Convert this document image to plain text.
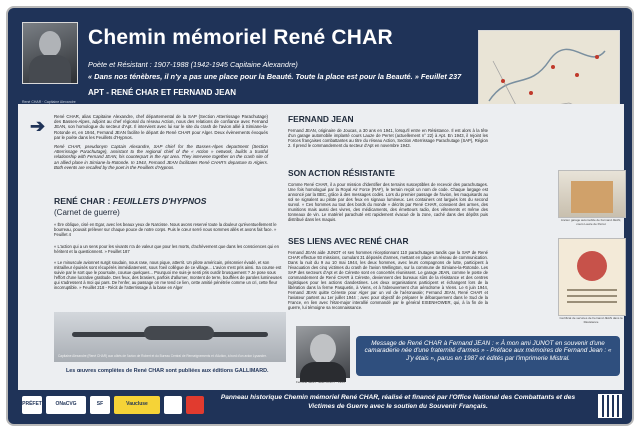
René CHAR · Capitaine Alexandre
Chemin mémoriel René CHAR
Poète et Résistant : 1907-1988 (1942-1945 Capitaine Alexandre)
« Dans nos ténèbres, il n'y a pas une place pour la Beauté. Toute la place est pour la Beauté. » Feuillet 237
APT - RENÉ CHAR ET FERNAND JEAN
➔ René CHAR, alias Capitaine Alexandre, chef départemental de la SAP (Section Atterrissage Parachutage) des Basses-Alpes, adjoint au chef régional du réseau Action, nous des relations de confiance avec Fernand JEAN, son homologue du secteur d'Apt. Il intervient avec lui sur le site du crash de l'avion allié à Simiane-la-Rotonde et, en 1944, Fernand JEAN facilite le départ de René CHAR pour Alger. Deux évènements évoqués par le poète dans les Feuillets d'Hypnos.

René CHAR, pseudonym Captain Alexandre, SAP chief for the Basses-Alpes department (Section Atterrissage Parachutage), assistant to the regional chief of the « Action » network, builds a trustful relationship with Fernand JEAN, his counterpart in the Apt area. They intervene together on the crash site of an allied plane in Simiane-la-Rotonde. In 1944, Fernand JEAN facilitates René CHAR's departure to Algiers. Both events are recalled by the poet in the Feuillets d'Hypnos.

RENÉ CHAR : FEUILLETS D'HYPNOS
(Carnet de guerre)
« Ère oblique, cisé en Egar, avec les beaux yeux de Narcisse. Nous avons reservé toute la douleur qu'éventuellement le bourreau, pouvait prélever sur chaque pouce de notre corps. Puis le cœur serré nous sommes allés et avons fait face. » Feuillet 4
« L'action qui a un sens pour les vivants n'a de valeur que pour les morts, d'achèvement que dans les consciences qui en héritent et la questionnent. » Feuillet 187
« Le minuscule avionnet surgit soudain, nous rase, nous pique, atterrit. Un pilote américain, prisonnier évadé, et son mitrailleur épuisés sont récupérés immédiatement, sous l'oeil collègue de ce village... L'avion s'est pris ainsi. Sa course est suivie par le sort que le poursuite, cousue quelques... Pourquoi me suis-je senti pris ourdir brusquement ? Je pose sous l'effort d'une lucrative gratitude. Des feux, des brasiers, parfois d'allumer, montent de terre, bouffées de paroles lumineuses qui s'adressent à moi qui pars. De l'enfer, au passage on me tend ce lien, cette amitié pénétrée comme un cri, cette fleur incorruptible. » Feuillet 218 - Récit de l'atterrissage à la base en Alger
Capitaine Alexandre (René CHAR) aux côtés de l'avion de Robert et du Bureau Central de Renseignements et d'Action, à bord d'un avion Lysander.
Les œuvres complètes de René CHAR sont publiées aux éditions GALLIMARD.
FERNAND JEAN
Fernand JEAN, originaire de Joucas, a 30 ans en 1941, lorsqu'il entre en Résistance. Il est alors à la tête d'un garage automobile implanté cours Lauze de Perret (actuellement n° 22) à Apt. En 1943, il rejoint les Forces françaises combattantes au titre du réseau Action, Section Atterrissage Parachutage (SAP), Région 2. Il prend le commandement du secteur d'Apt en novembre 1943.
SON ACTION RÉSISTANTE
Comme René CHAR, il a pour mission d'identifier des terrains susceptibles de recevoir des parachutages. Une fois homologué par la Royal Air Force (RAF), le terrain reçoit un nom de code. Chaque largage est annoncé par la BBC, grâce à des messages codés. Lors du premier passage de l'avion, les maquisards au sol se signalent au pilote par des feux en signaux lumineux. Les containers ont largués lors du second survol. « Ces hommes au tout des bords du monde » décrits par René CHAR, convoient des armes, des munitions mais aussi des vivres, des médicaments, des émetteurs radio, des vêtements et même des tonneaux de vin. Le matériel parachuté est rapidement évacué de la zone, caché dans des dépôts puis distribué dans les maquis.
SES LIENS AVEC RENÉ CHAR
Fernand JEAN aide JUNOT et ses hommes réceptionnant 110 parachutages tandis que la SAP de René CHAR effectue 93 missions, cumulant 31 déposés d'armes, mettant en place un réseau de communication. Dans la nuit du 9 au 10 mai 1944, les deux hommes, avec leurs compagnons de lutte, participent à l'évacuation des cinq victimes du crash de l'avion Wellington, sur la commune de Simiane-la-Rotonde. Les SAP des secteurs d'Apt et de Céreste sont en concertés réunissent. Le garage JEAN, comme le poste de commandement de René CHAR à Céreste, deviennent des bureaux sûrs de la résistance et des centres logistiques pour les actions clandestines. Les deux organisations participent et échangent lors de la libération dans la ferme Pasquetin, à Viens, et à l'abreuvement d'un aérodrome à Viens. Le 6 juin 1944, Fernand JEAN quitte Céreste pour Alger par un vol de l'aéronavale; Fernand JEAN, René CHAR et l'aviateur partent au 1er juillet 1944 ; avec pour objectif de préparer le débarquement dans le Sud de la France, en lien avec l'état-major interallié commandé par le général EISENHOWER, qui, à la fin de la guerre, lui témoigne sa reconnaissance.
Fernand JEAN · alias JUNOT · 1944
Message de René CHAR à Fernand JEAN : « À mon ami JUNOT en souvenir d'une camaraderie née d'une fraternité d'armes » - Préface aux mémoires de Fernand Jean : « J'y étais », parus en 1987 et édités par l'imprimerie Mistral.
Ancien garage automobile de Fernand JEAN, cours Lauze de Perret
Certificat de services de Fernand JEAN dans la Résistance
PRÉFET	ONaCVG	SF	Vaucluse
Panneau historique Chemin mémoriel René CHAR, réalisé et financé par l'Office National des Combattants et des Victimes de Guerre avec le soutien du Souvenir Français.
